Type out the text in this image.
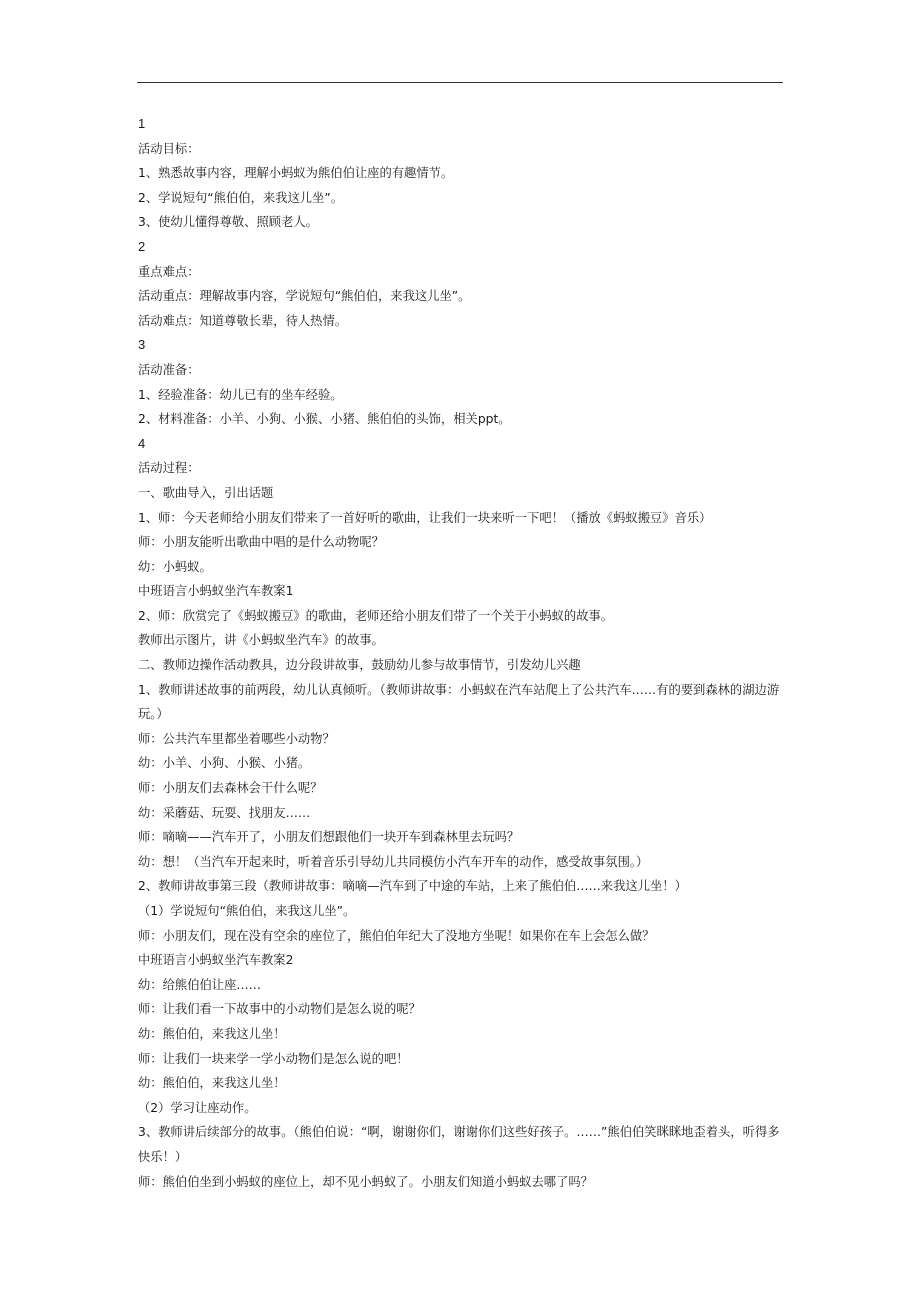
1

活动目标：

1、熟悉故事内容，理解小蚂蚁为熊伯伯让座的有趣情节。

2、学说短句“熊伯伯，来我这儿坐”。

3、使幼儿懂得尊敬、照顾老人。

2

重点难点：

活动重点：理解故事内容，学说短句“熊伯伯，来我这儿坐”。

活动难点：知道尊敬长辈，待人热情。

3

活动准备：

1、经验准备：幼儿已有的坐车经验。

2、材料准备：小羊、小狗、小猴、小猪、熊伯伯的头饰，相关ppt。

4

活动过程：

一、歌曲导入，引出话题

1、师：今天老师给小朋友们带来了一首好听的歌曲，让我们一块来听一下吧！（播放《蚂蚁搬豆》音乐）

师：小朋友能听出歌曲中唱的是什么动物呢？

幼：小蚂蚁。

中班语言小蚂蚁坐汽车教案1

2、师：欣赏完了《蚂蚁搬豆》的歌曲，老师还给小朋友们带了一个关于小蚂蚁的故事。

教师出示图片，讲《小蚂蚁坐汽车》的故事。

二、教师边操作活动教具，边分段讲故事，鼓励幼儿参与故事情节，引发幼儿兴趣

1、教师讲述故事的前两段，幼儿认真倾听。（教师讲故事：小蚂蚁在汽车站爬上了公共汽车……有的要到森林的湖边游玩。）

师：公共汽车里都坐着哪些小动物？

幼：小羊、小狗、小猴、小猪。

师：小朋友们去森林会干什么呢？

幼：采蘑菇、玩耍、找朋友……

师：嘀嘀——汽车开了，小朋友们想跟他们一块开车到森林里去玩吗？

幼：想！（当汽车开起来时，听着音乐引导幼儿共同模仿小汽车开车的动作，感受故事氛围。）

2、教师讲故事第三段（教师讲故事：嘀嘀—汽车到了中途的车站，上来了熊伯伯……来我这儿坐！）

（1）学说短句“熊伯伯，来我这儿坐”。

师：小朋友们，现在没有空余的座位了，熊伯伯年纪大了没地方坐呢！如果你在车上会怎么做？

中班语言小蚂蚁坐汽车教案2

幼：给熊伯伯让座……

师：让我们看一下故事中的小动物们是怎么说的呢？

幼：熊伯伯，来我这儿坐！

师：让我们一块来学一学小动物们是怎么说的吧！

幼：熊伯伯，来我这儿坐！

（2）学习让座动作。

3、教师讲后续部分的故事。（熊伯伯说：“啊，谢谢你们，谢谢你们这些好孩子。……”熊伯伯笑眯眯地歪着头，听得多快乐！）

师：熊伯伯坐到小蚂蚁的座位上，却不见小蚂蚁了。小朋友们知道小蚂蚁去哪了吗？
